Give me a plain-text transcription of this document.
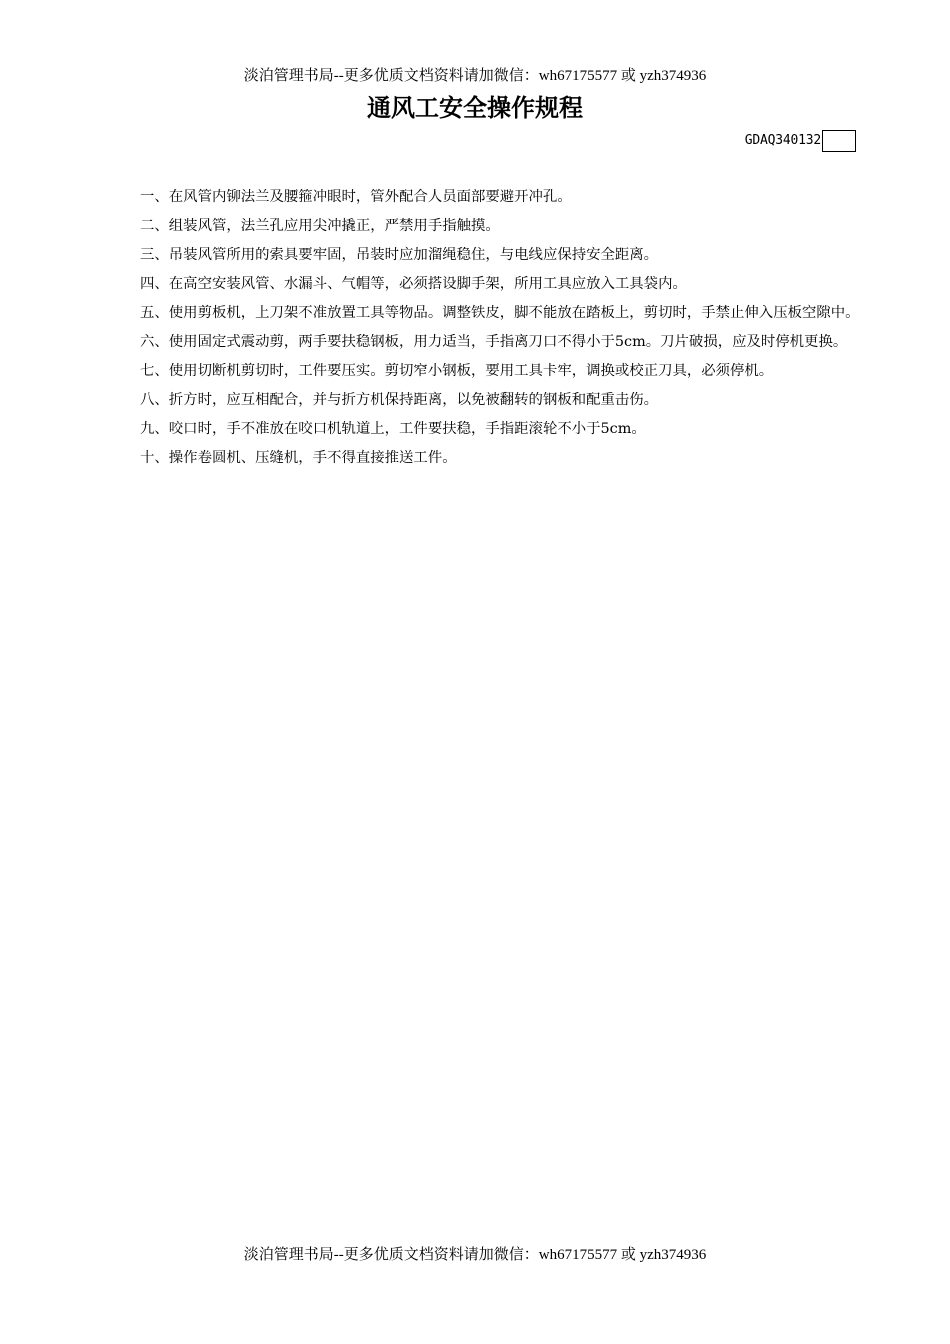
淡泊管理书局--更多优质文档资料请加微信：wh67175577 或 yzh374936
通风工安全操作规程
GDAQ340132
一、在风管内铆法兰及腰箍冲眼时，管外配合人员面部要避开冲孔。
二、组装风管，法兰孔应用尖冲撬正，严禁用手指触摸。
三、吊装风管所用的索具要牢固，吊装时应加溜绳稳住，与电线应保持安全距离。
四、在高空安装风管、水漏斗、气帽等，必须搭设脚手架，所用工具应放入工具袋内。
五、使用剪板机，上刀架不准放置工具等物品。调整铁皮，脚不能放在踏板上，剪切时，手禁止伸入压板空隙中。
六、使用固定式震动剪，两手要扶稳钢板，用力适当，手指离刀口不得小于5cm。刀片破损，应及时停机更换。
七、使用切断机剪切时，工件要压实。剪切窄小钢板，要用工具卡牢，调换或校正刀具，必须停机。
八、折方时，应互相配合，并与折方机保持距离，以免被翻转的钢板和配重击伤。
九、咬口时，手不准放在咬口机轨道上，工件要扶稳，手指距滚轮不小于5cm。
十、操作卷圆机、压缝机，手不得直接推送工件。
淡泊管理书局--更多优质文档资料请加微信：wh67175577 或 yzh374936
